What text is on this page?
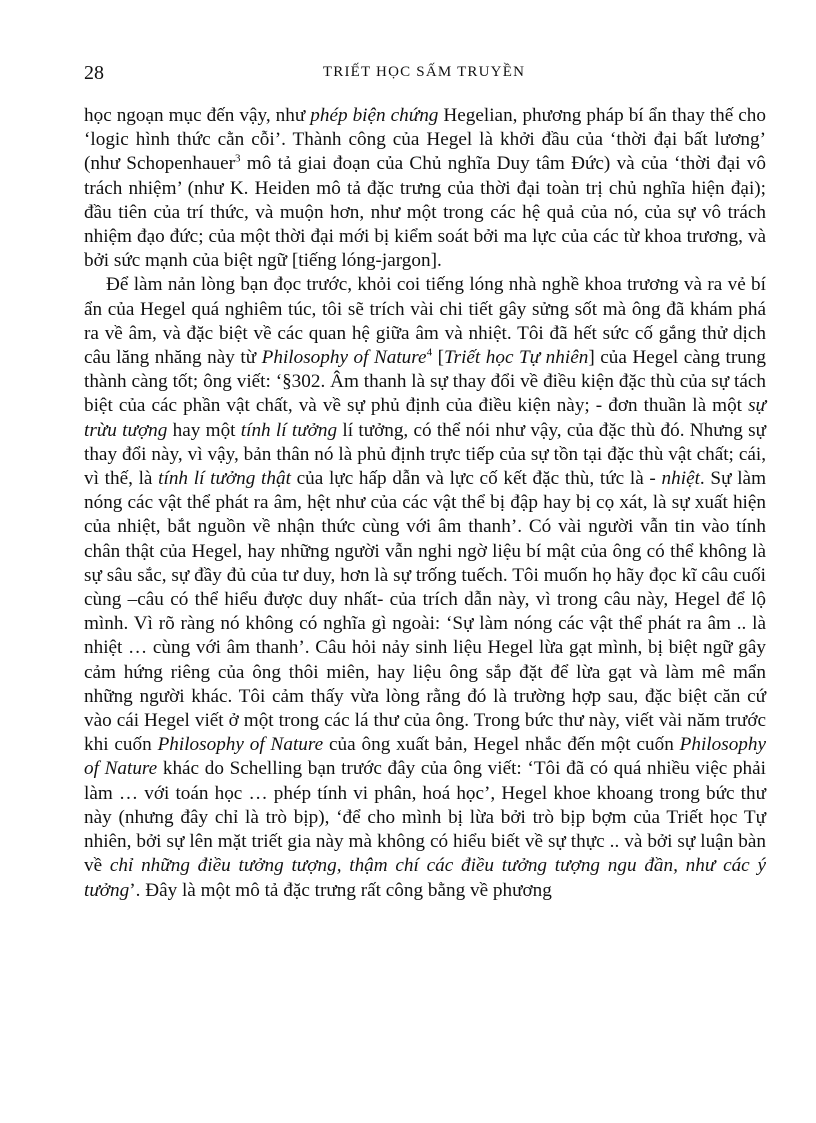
28	TRIẾT HỌC SẤM TRUYỀN

học ngoạn mục đến vậy, như phép biện chứng Hegelian, phương pháp bí ẩn thay thế cho ‘logic hình thức cằn cỗi’. Thành công của Hegel là khởi đầu của ‘thời đại bất lương’ (như Schopenhauer$^3$ mô tả giai đoạn của Chủ nghĩa Duy tâm Đức) và của ‘thời đại vô trách nhiệm’ (như K. Heiden mô tả đặc trưng của thời đại toàn trị chủ nghĩa hiện đại); đầu tiên của trí thức, và muộn hơn, như một trong các hệ quả của nó, của sự vô trách nhiệm đạo đức; của một thời đại mới bị kiểm soát bởi ma lực của các từ khoa trương, và bởi sức mạnh của biệt ngữ [tiếng lóng-jargon].

Để làm nản lòng bạn đọc trước, khỏi coi tiếng lóng nhà nghề khoa trương và ra vẻ bí ẩn của Hegel quá nghiêm túc, tôi sẽ trích vài chi tiết gây sửng sốt mà ông đã khám phá ra về âm, và đặc biệt về các quan hệ giữa âm và nhiệt. Tôi đã hết sức cố gắng thử dịch câu lăng nhăng này từ Philosophy of Nature$^4$ [Triết học Tự nhiên] của Hegel càng trung thành càng tốt; ông viết: ‘§302. Âm thanh là sự thay đổi về điều kiện đặc thù của sự tách biệt của các phần vật chất, và về sự phủ định của điều kiện này; - đơn thuần là một sự trừu tượng hay một tính lí tưởng lí tưởng, có thể nói như vậy, của đặc thù đó. Nhưng sự thay đổi này, vì vậy, bản thân nó là phủ định trực tiếp của sự tồn tại đặc thù vật chất; cái, vì thế, là tính lí tưởng thật của lực hấp dẫn và lực cố kết đặc thù, tức là - nhiệt. Sự làm nóng các vật thể phát ra âm, hệt như của các vật thể bị đập hay bị cọ xát, là sự xuất hiện của nhiệt, bắt nguồn về nhận thức cùng với âm thanh’. Có vài người vẫn tin vào tính chân thật của Hegel, hay những người vẫn nghi ngờ liệu bí mật của ông có thể không là sự sâu sắc, sự đầy đủ của tư duy, hơn là sự trống tuếch. Tôi muốn họ hãy đọc kĩ câu cuối cùng –câu có thể hiểu được duy nhất- của trích dẫn này, vì trong câu này, Hegel để lộ mình. Vì rõ ràng nó không có nghĩa gì ngoài: ‘Sự làm nóng các vật thể phát ra âm .. là nhiệt … cùng với âm thanh’. Câu hỏi nảy sinh liệu Hegel lừa gạt mình, bị biệt ngữ gây cảm hứng riêng của ông thôi miên, hay liệu ông sắp đặt để lừa gạt và làm mê mẩn những người khác. Tôi cảm thấy vừa lòng rằng đó là trường hợp sau, đặc biệt căn cứ vào cái Hegel viết ở một trong các lá thư của ông. Trong bức thư này, viết vài năm trước khi cuốn Philosophy of Nature của ông xuất bản, Hegel nhắc đến một cuốn Philosophy of Nature khác do Schelling bạn trước đây của ông viết: ‘Tôi đã có quá nhiều việc phải làm … với toán học … phép tính vi phân, hoá học’, Hegel khoe khoang trong bức thư này (nhưng đây chỉ là trò bịp), ‘để cho mình bị lừa bởi trò bịp bợm của Triết học Tự nhiên, bởi sự lên mặt triết gia này mà không có hiểu biết về sự thực .. và bởi sự luận bàn về chỉ những điều tưởng tượng, thậm chí các điều tưởng tượng ngu đần, như các ý tưởng’. Đây là một mô tả đặc trưng rất công bằng về phương
